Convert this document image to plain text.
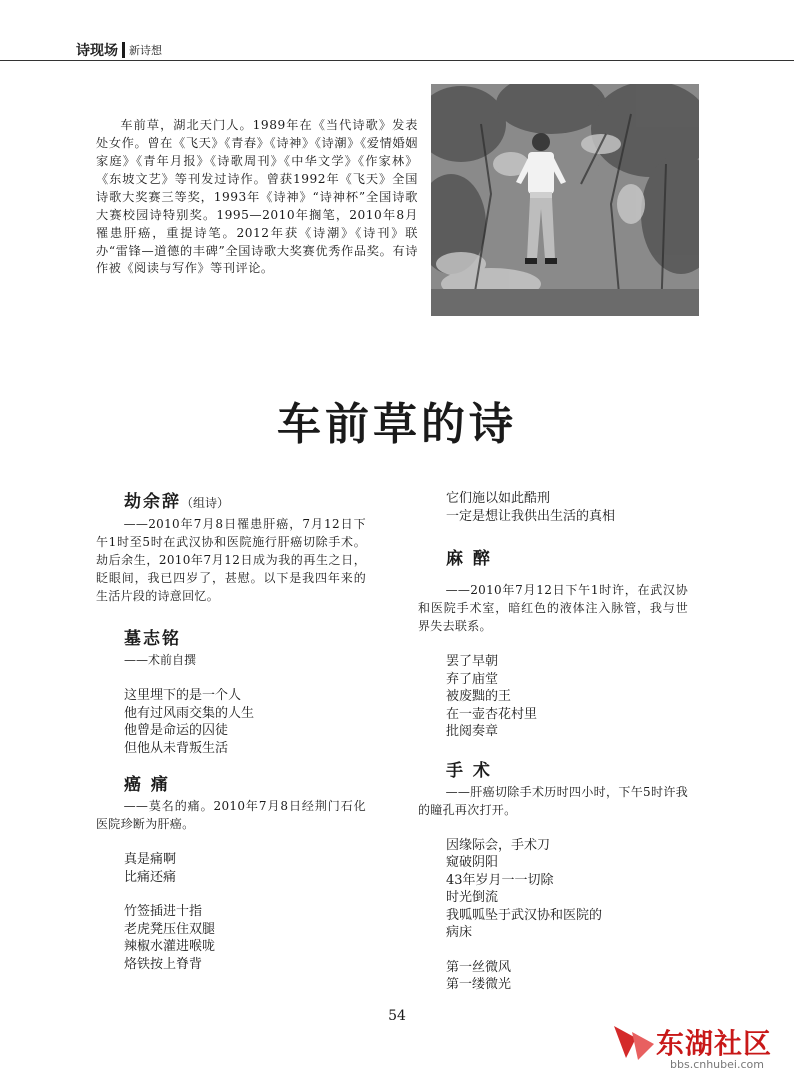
诗现场 新诗想

车前草，湖北天门人。1989年在《当代诗歌》发表处女作。曾在《飞天》《青春》《诗神》《诗潮》《爱情婚姻家庭》《青年月报》《诗歌周刊》《中华文学》《作家林》《东坡文艺》等刊发过诗作。曾获1992年《飞天》全国诗歌大奖赛三等奖，1993年《诗神》“诗神杯”全国诗歌大赛校园诗特别奖。1995—2010年搁笔，2010年8月罹患肝癌，重提诗笔。2012年获《诗潮》《诗刊》联办“雷锋—道德的丰碑”全国诗歌大奖赛优秀作品奖。有诗作被《阅读与写作》等刊评论。

车前草的诗
劫余辞（组诗）

——2010年7月8日罹患肝癌，7月12日下午1时至5时在武汉协和医院施行肝癌切除手术。劫后余生，2010年7月12日成为我的再生之日，眨眼间，我已四岁了，甚慰。以下是我四年来的生活片段的诗意回忆。

墓志铭

——术前自撰

这里埋下的是一个人
他有过风雨交集的人生
他曾是命运的囚徒
但他从未背叛生活
癌 痛

——莫名的痛。2010年7月8日经荆门石化医院珍断为肝癌。

真是痛啊
比痛还痛
竹签插进十指
老虎凳压住双腿
辣椒水灌进喉咙
烙铁按上脊背
它们施以如此酷刑
一定是想让我供出生活的真相
麻 醉

——2010年7月12日下午1时许，在武汉协和医院手术室，暗红色的液体注入脉管，我与世界失去联系。

罢了早朝
弃了庙堂
被废黜的王
在一壶杏花村里
批阅奏章
手 术

——肝癌切除手术历时四小时，下午5时许我的瞳孔再次打开。

因缘际会，手术刀
窥破阴阳
43年岁月一一切除
时光倒流
我呱呱坠于武汉协和医院的
病床
第一丝微风
第一缕微光
54
东湖社区
bbs.cnhubei.com
